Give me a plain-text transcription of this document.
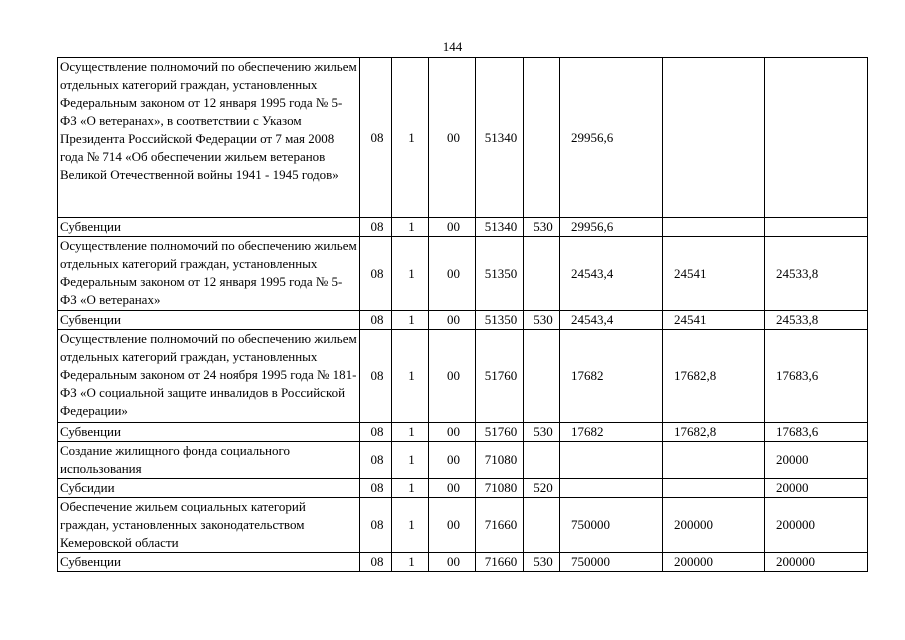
144
Осуществление полномочий по обеспечению жильем отдельных категорий граждан, установленных Федеральным законом от 12 января 1995 года № 5-ФЗ «О ветеранах», в соответствии с Указом Президента Российской Федерации от 7 мая 2008 года № 714 «Об обеспечении жильем ветеранов Великой Отечественной войны 1941 - 1945 годов»	08	1	00	51340		29956,6		
Субвенции	08	1	00	51340	530	29956,6		
Осуществление полномочий по обеспечению жильем отдельных категорий граждан, установленных Федеральным законом от 12 января 1995 года № 5-ФЗ «О ветеранах»	08	1	00	51350		24543,4	24541	24533,8
Субвенции	08	1	00	51350	530	24543,4	24541	24533,8
Осуществление полномочий по обеспечению жильем отдельных категорий граждан, установленных Федеральным законом от 24 ноября 1995 года № 181-ФЗ «О социальной защите инвалидов в Российской Федерации»	08	1	00	51760		17682	17682,8	17683,6
Субвенции	08	1	00	51760	530	17682	17682,8	17683,6
Создание жилищного фонда социального использования	08	1	00	71080				20000
Субсидии	08	1	00	71080	520			20000
Обеспечение жильем социальных категорий граждан, установленных законодательством Кемеровской области	08	1	00	71660		750000	200000	200000
Субвенции	08	1	00	71660	530	750000	200000	200000
